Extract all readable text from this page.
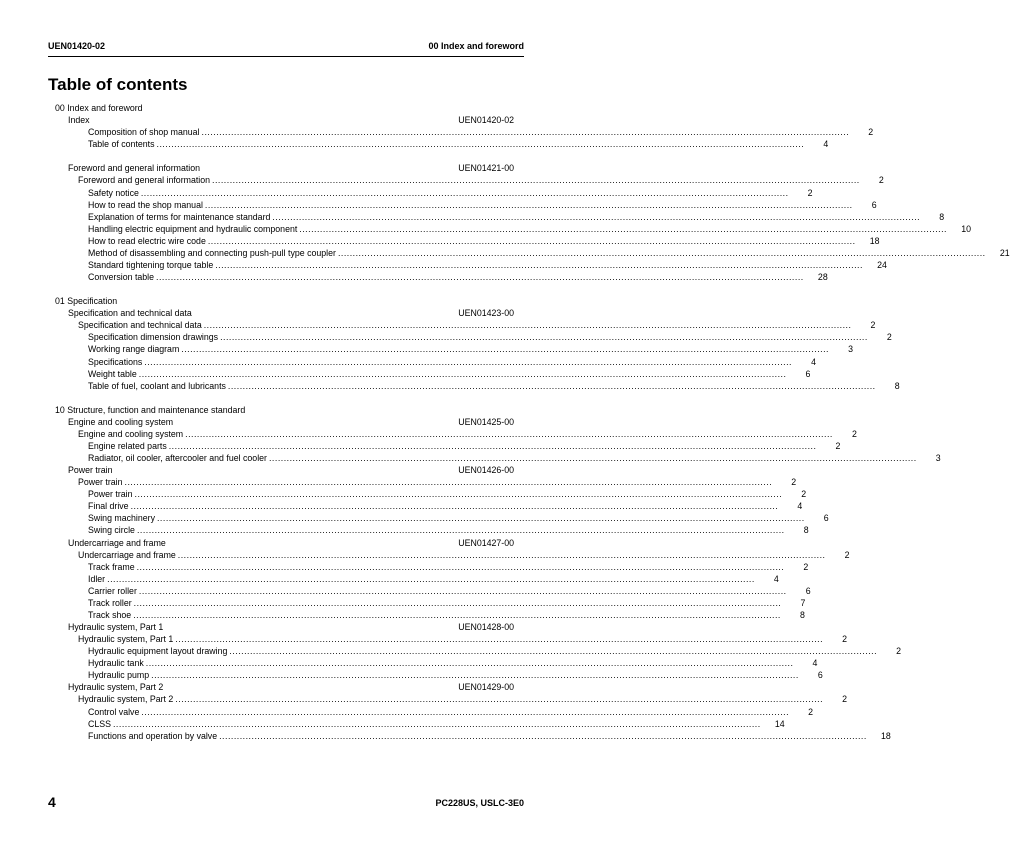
UEN01420-02	00 Index and foreword
Table of contents
00 Index and foreword
Index	UEN01420-02
Composition of shop manual ............................................................................................................................................................................................................................	2
Table of contents ............................................................................................................................................................................................................................	4
Foreword and general information	UEN01421-00
Foreword and general information ............................................................................................................................................................................................................................	2
Safety notice ............................................................................................................................................................................................................................	2
How to read the shop manual ............................................................................................................................................................................................................................	6
Explanation of terms for maintenance standard ............................................................................................................................................................................................................................	8
Handling electric equipment and hydraulic component ............................................................................................................................................................................................................................	10
How to read electric wire code ............................................................................................................................................................................................................................	18
Method of disassembling and connecting push-pull type coupler ............................................................................................................................................................................................................................	21
Standard tightening torque table ............................................................................................................................................................................................................................	24
Conversion table ............................................................................................................................................................................................................................	28
01 Specification
Specification and technical data	UEN01423-00
Specification and technical data ............................................................................................................................................................................................................................	2
Specification dimension drawings ............................................................................................................................................................................................................................	2
Working range diagram ............................................................................................................................................................................................................................	3
Specifications ............................................................................................................................................................................................................................	4
Weight table ............................................................................................................................................................................................................................	6
Table of fuel, coolant and lubricants ............................................................................................................................................................................................................................	8
10 Structure, function and maintenance standard
Engine and cooling system	UEN01425-00
Engine and cooling system ............................................................................................................................................................................................................................	2
Engine related parts ............................................................................................................................................................................................................................	2
Radiator, oil cooler, aftercooler and fuel cooler ............................................................................................................................................................................................................................	3
Power train	UEN01426-00
Power train ............................................................................................................................................................................................................................	2
Power train ............................................................................................................................................................................................................................	2
Final drive ............................................................................................................................................................................................................................	4
Swing machinery ............................................................................................................................................................................................................................	6
Swing circle ............................................................................................................................................................................................................................	8
Undercarriage and frame	UEN01427-00
Undercarriage and frame ............................................................................................................................................................................................................................	2
Track frame ............................................................................................................................................................................................................................	2
Idler ............................................................................................................................................................................................................................	4
Carrier roller ............................................................................................................................................................................................................................	6
Track roller ............................................................................................................................................................................................................................	7
Track shoe ............................................................................................................................................................................................................................	8
Hydraulic system, Part 1	UEN01428-00
Hydraulic system, Part 1 ............................................................................................................................................................................................................................	2
Hydraulic equipment layout drawing ............................................................................................................................................................................................................................	2
Hydraulic tank ............................................................................................................................................................................................................................	4
Hydraulic pump ............................................................................................................................................................................................................................	6
Hydraulic system, Part 2	UEN01429-00
Hydraulic system, Part 2 ............................................................................................................................................................................................................................	2
Control valve ............................................................................................................................................................................................................................	2
CLSS ............................................................................................................................................................................................................................	14
Functions and operation by valve ............................................................................................................................................................................................................................	18
4	PC228US, USLC-3E0
